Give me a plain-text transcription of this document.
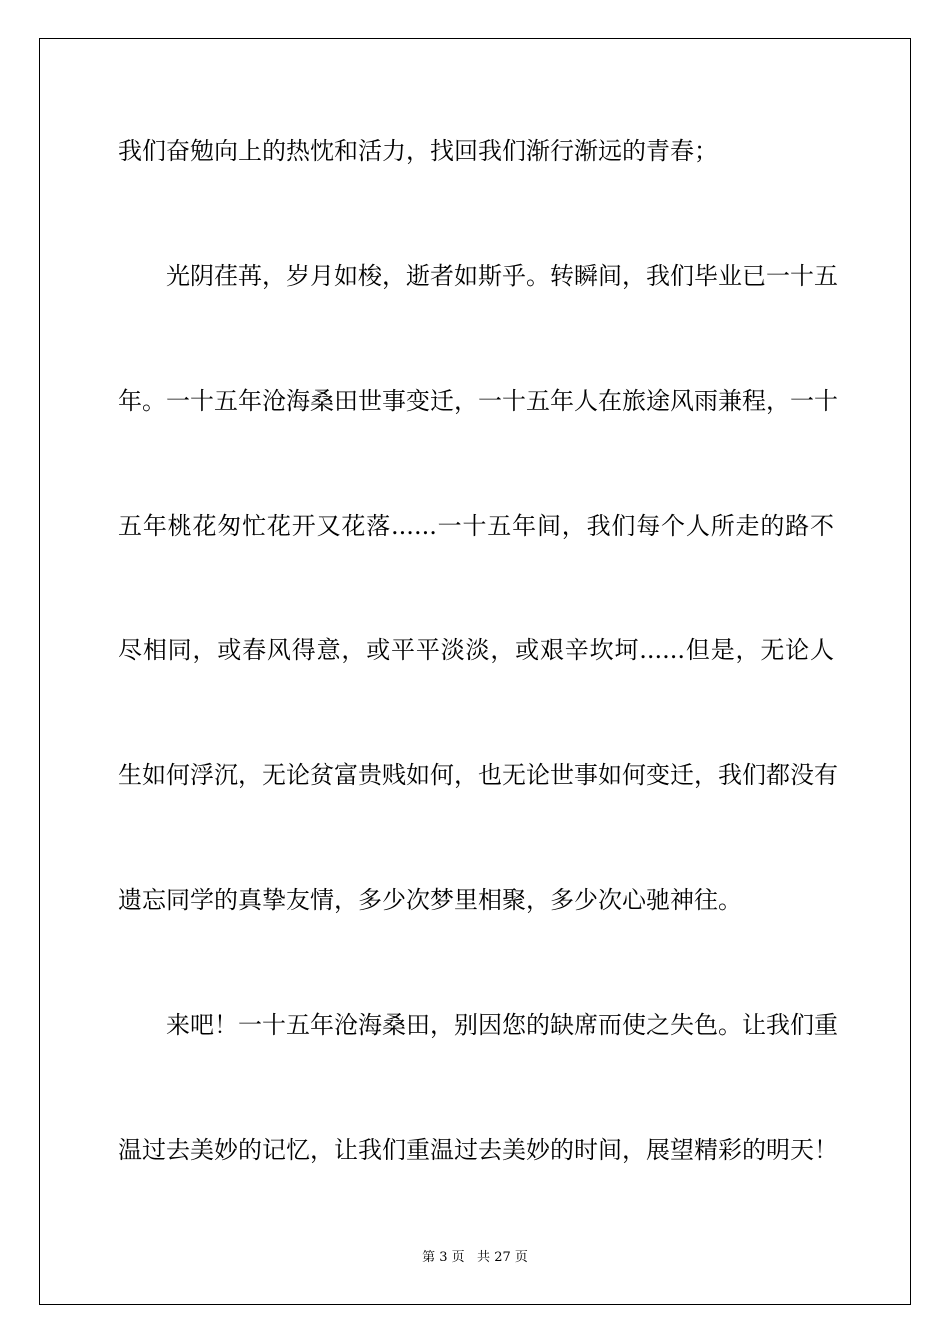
我们奋勉向上的热忱和活力，找回我们渐行渐远的青春；
光阴荏苒，岁月如梭，逝者如斯乎。转瞬间，我们毕业已一十五
年。一十五年沧海桑田世事变迁，一十五年人在旅途风雨兼程，一十
五年桃花匆忙花开又花落......一十五年间，我们每个人所走的路不
尽相同，或春风得意，或平平淡淡，或艰辛坎坷......但是，无论人
生如何浮沉，无论贫富贵贱如何，也无论世事如何变迁，我们都没有
遗忘同学的真挚友情，多少次梦里相聚，多少次心驰神往。
来吧！一十五年沧海桑田，别因您的缺席而使之失色。让我们重
温过去美妙的记忆，让我们重温过去美妙的时间，展望精彩的明天！
第 3 页   共 27 页
